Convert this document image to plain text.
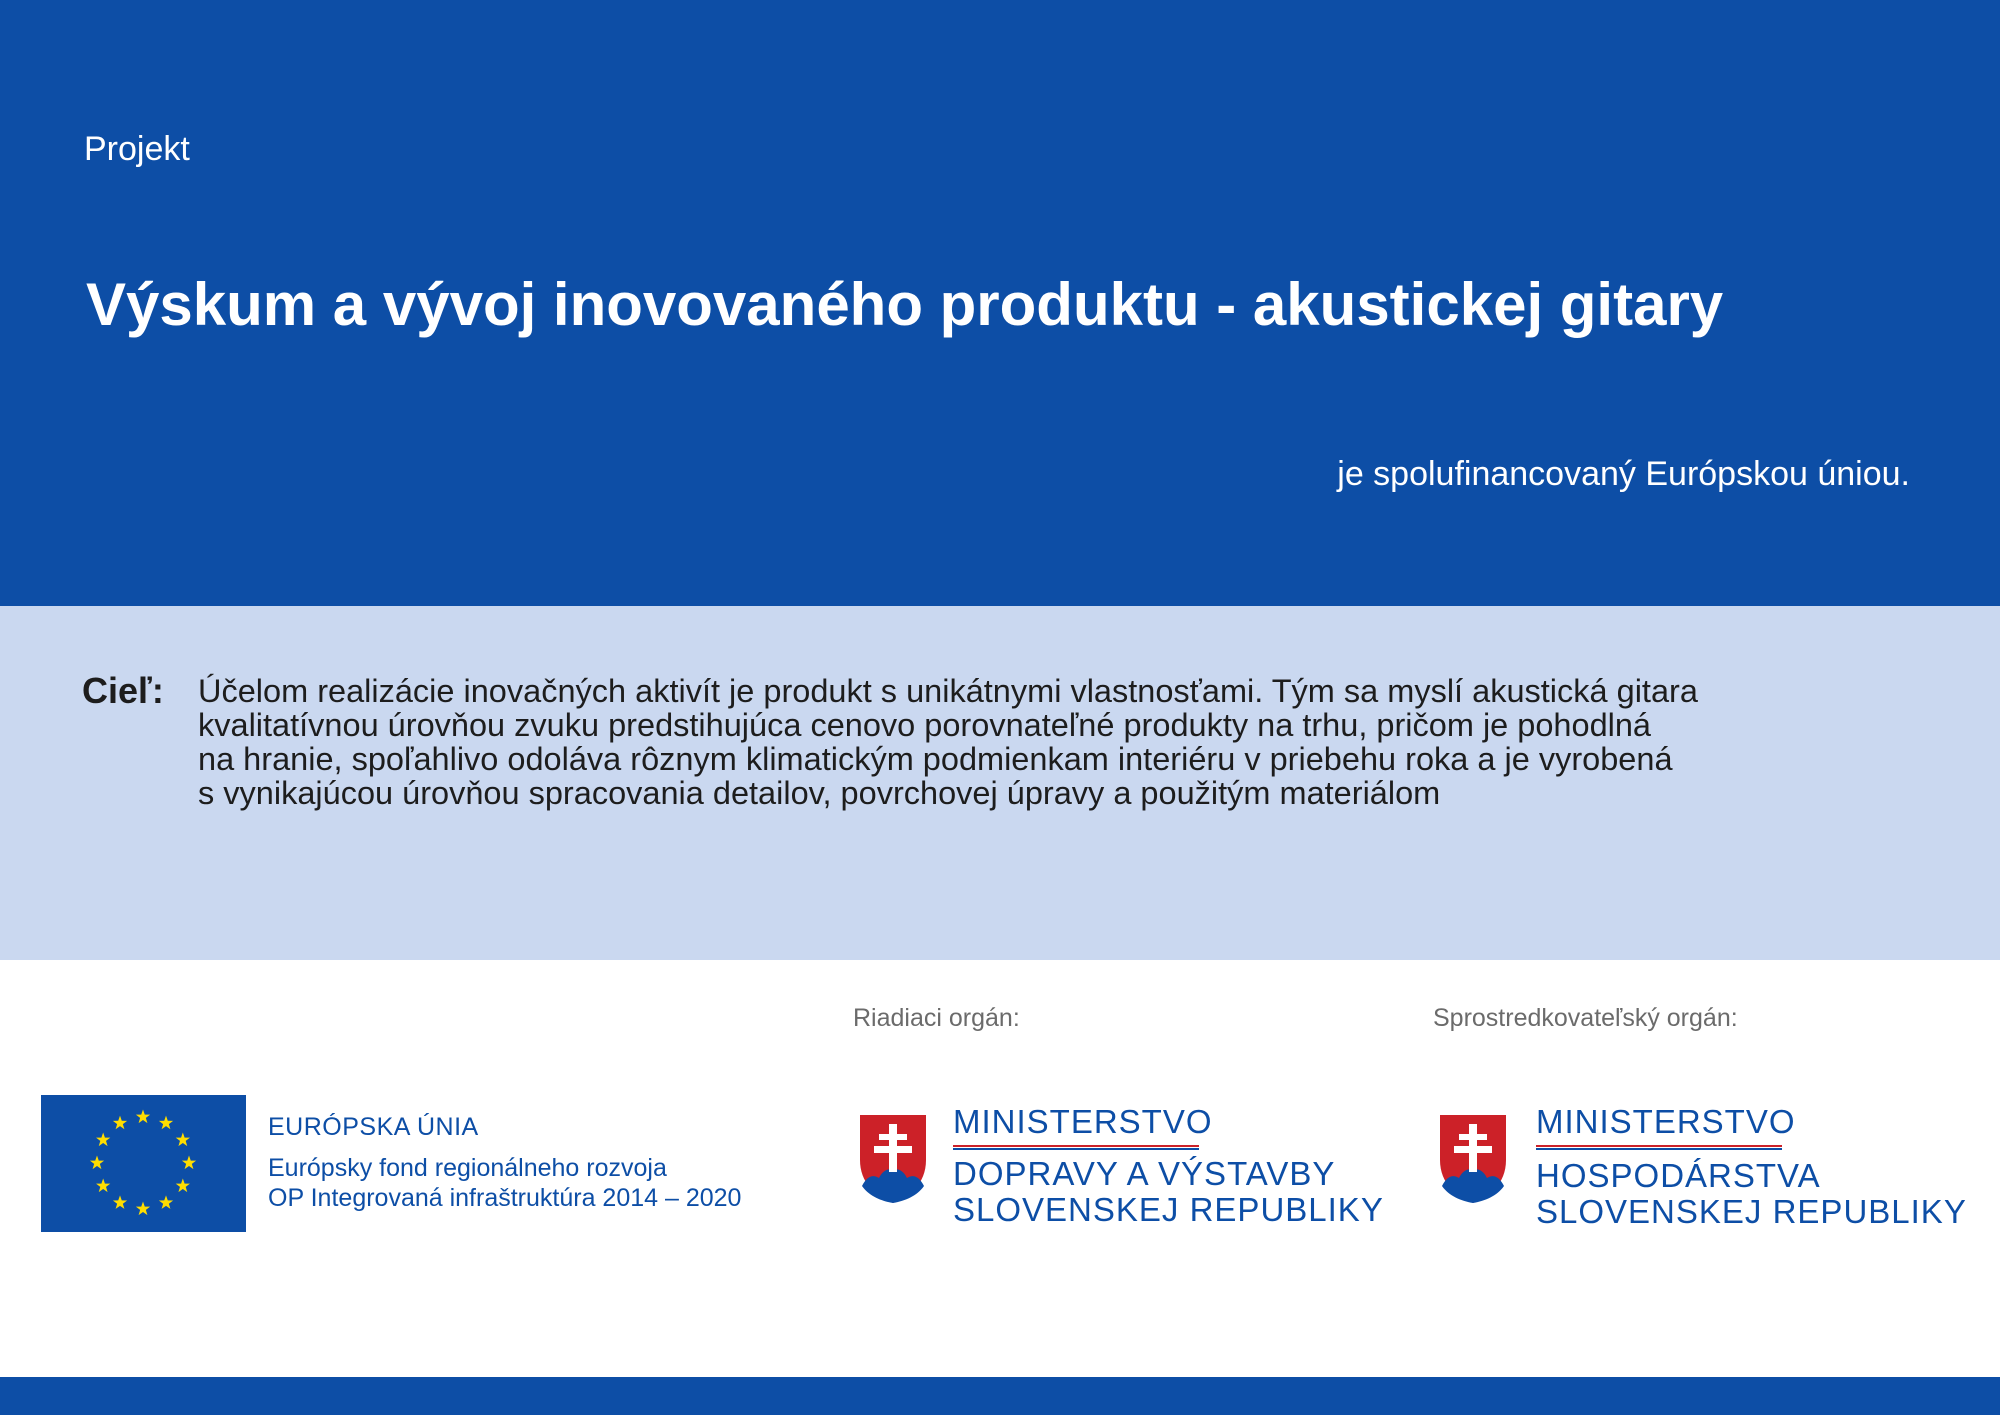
Projekt
Výskum a vývoj inovovaného produktu - akustickej gitary
je spolufinancovaný Európskou úniou.
Cieľ: Účelom realizácie inovačných aktivít je produkt s unikátnymi vlastnosťami. Tým sa myslí akustická gitara
kvalitatívnou úrovňou zvuku predstihujúca cenovo porovnateľné produkty na trhu, pričom je pohodlná
na hranie, spoľahlivo odoláva rôznym klimatickým podmienkam interiéru v priebehu roka a je vyrobená
s vynikajúcou úrovňou spracovania detailov, povrchovej úpravy a použitým materiálom
EURÓPSKA ÚNIA
Európsky fond regionálneho rozvoja
OP Integrovaná infraštruktúra 2014 – 2020
Riadiaci orgán:
MINISTERSTVO
DOPRAVY A VÝSTAVBY
SLOVENSKEJ REPUBLIKY
Sprostredkovateľský orgán:
MINISTERSTVO
HOSPODÁRSTVA
SLOVENSKEJ REPUBLIKY
